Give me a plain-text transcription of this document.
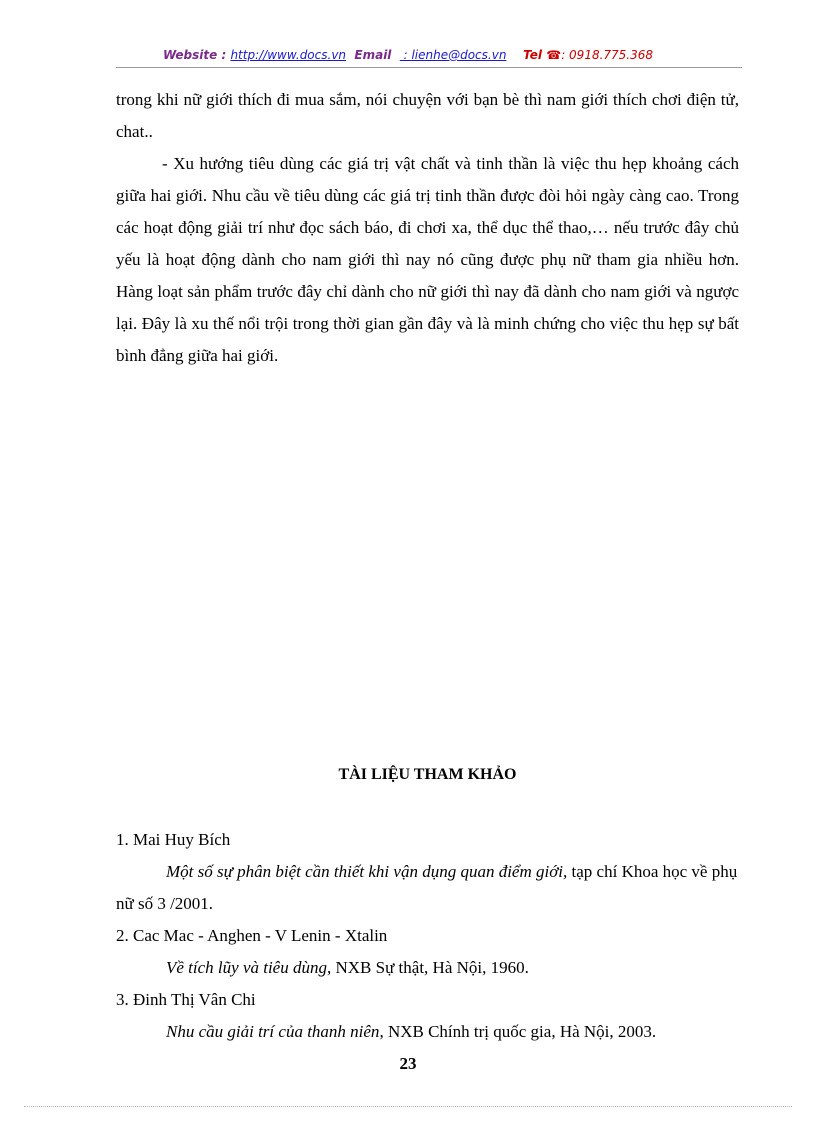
Website : http://www.docs.vn Email   : lienhe@docs.vn Tel ☎: 0918.775.368

trong khi nữ giới thích đi mua sắm, nói chuyện với bạn bè thì nam giới thích chơi điện tử, chat..

- Xu hướng tiêu dùng các giá trị vật chất và tinh thần là việc thu hẹp khoảng cách giữa hai giới. Nhu cầu về tiêu dùng các giá trị tinh thần được đòi hỏi ngày càng cao. Trong các hoạt động giải trí như đọc sách báo, đi chơi xa, thể dục thể thao,… nếu trước đây chủ yếu là hoạt động dành cho nam giới thì nay nó cũng được phụ nữ tham gia nhiều hơn. Hàng loạt sản phẩm trước đây chỉ dành cho nữ giới thì nay đã dành cho nam giới và ngược lại. Đây là xu thế nổi trội trong thời gian gần đây và là minh chứng cho việc thu hẹp sự bất bình đẳng giữa hai giới.

TÀI LIỆU THAM KHẢO

1. Mai Huy Bích

Một số sự phân biệt cần thiết khi vận dụng quan điểm giới, tạp chí Khoa học về phụ nữ số 3 /2001.

2. Cac Mac - Anghen - V Lenin - Xtalin

Về tích lũy và tiêu dùng, NXB Sự thật, Hà Nội, 1960.

3. Đinh Thị Vân Chi

Nhu cầu giải trí của thanh niên, NXB Chính trị quốc gia, Hà Nội, 2003.

23
